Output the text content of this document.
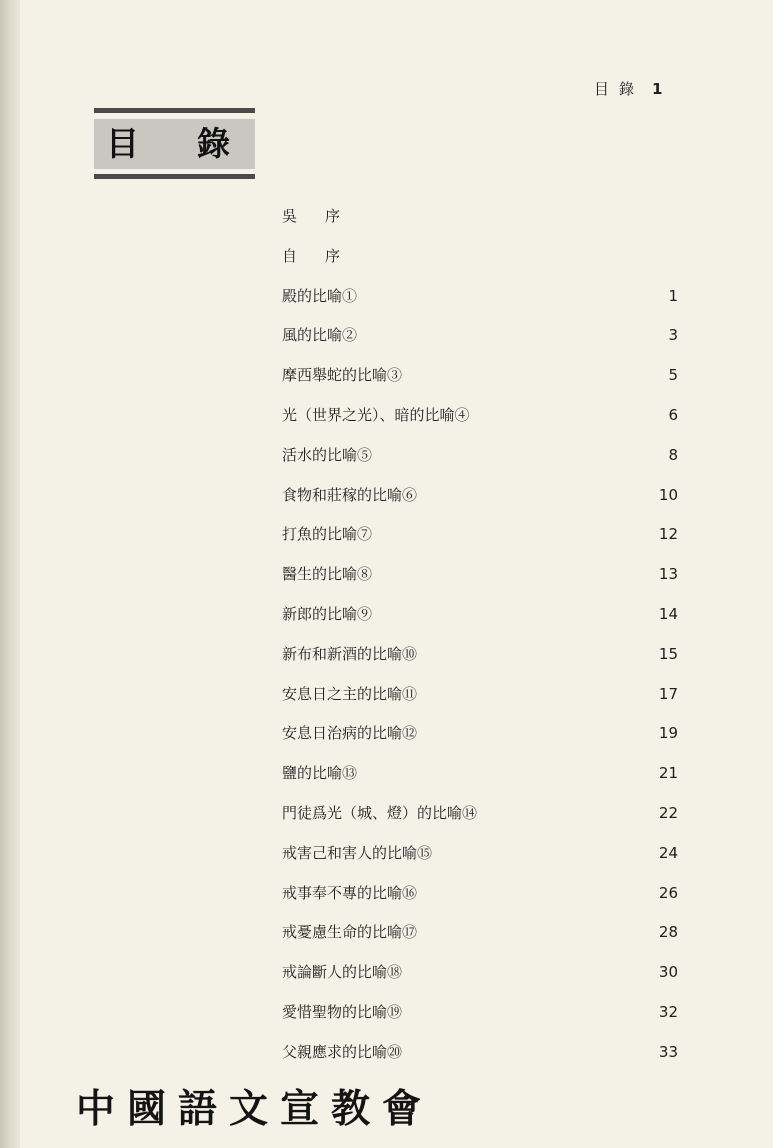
目錄 1
目錄
吳序
自序
殿的比喻①	1
風的比喻②	3
摩西舉蛇的比喻③	5
光（世界之光）、暗的比喻④	6
活水的比喻⑤	8
食物和莊稼的比喻⑥	10
打魚的比喻⑦	12
醫生的比喻⑧	13
新郎的比喻⑨	14
新布和新酒的比喻⑩	15
安息日之主的比喻⑪	17
安息日治病的比喻⑫	19
鹽的比喻⑬	21
門徒爲光（城、燈）的比喻⑭	22
戒害己和害人的比喻⑮	24
戒事奉不專的比喻⑯	26
戒憂慮生命的比喻⑰	28
戒論斷人的比喻⑱	30
愛惜聖物的比喻⑲	32
父親應求的比喻⑳	33
中國語文宣教會
